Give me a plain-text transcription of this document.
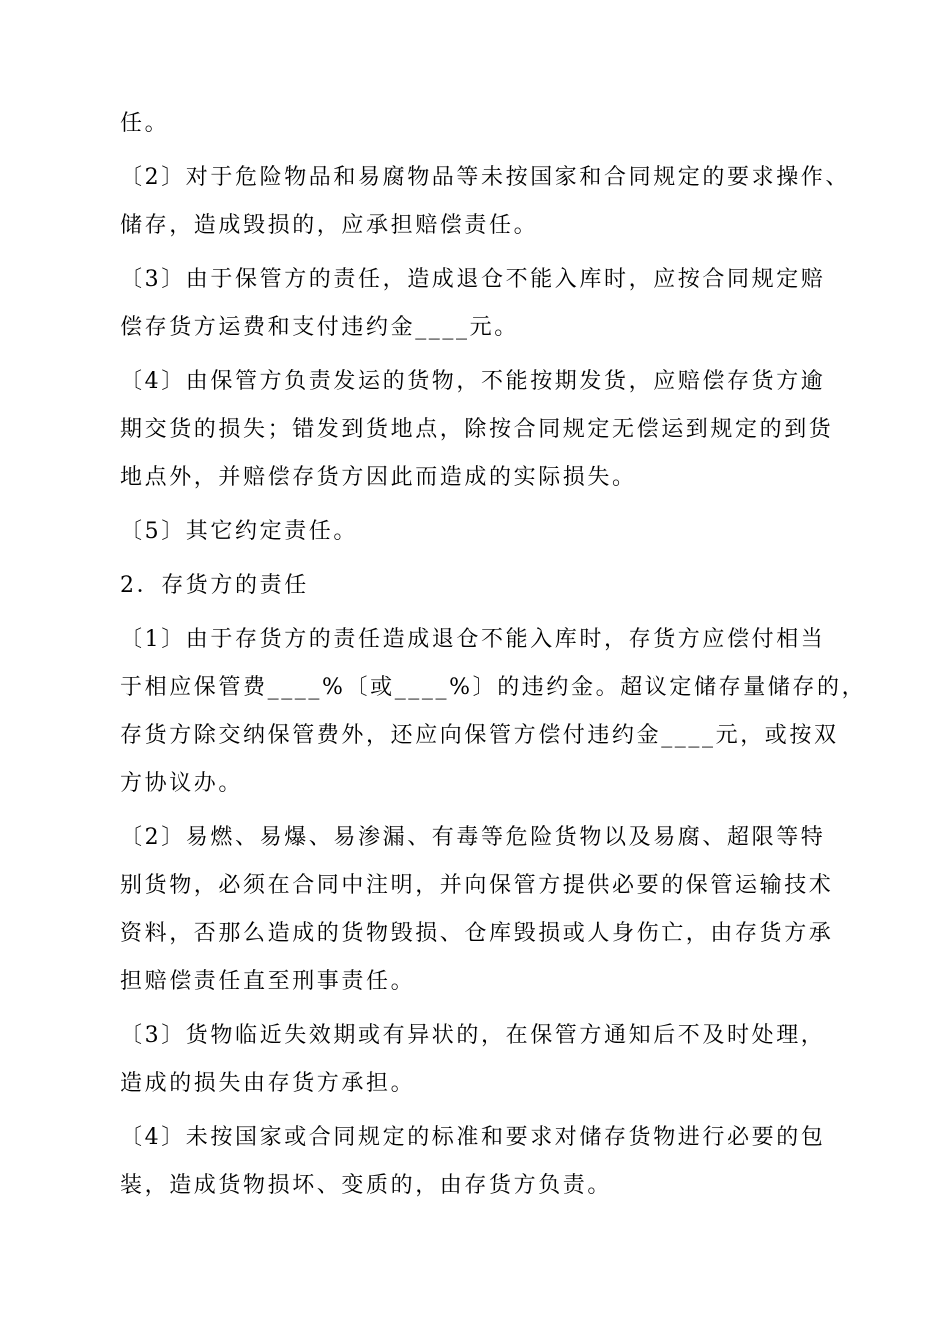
任。

〔2〕对于危险物品和易腐物品等未按国家和合同规定的要求操作、

储存，造成毁损的，应承担赔偿责任。

〔3〕由于保管方的责任，造成退仓不能入库时，应按合同规定赔

偿存货方运费和支付违约金____元。

〔4〕由保管方负责发运的货物，不能按期发货，应赔偿存货方逾

期交货的损失；错发到货地点，除按合同规定无偿运到规定的到货

地点外，并赔偿存货方因此而造成的实际损失。

〔5〕其它约定责任。

2．存货方的责任

〔1〕由于存货方的责任造成退仓不能入库时，存货方应偿付相当

于相应保管费____%〔或____%〕的违约金。超议定储存量储存的，

存货方除交纳保管费外，还应向保管方偿付违约金____元，或按双

方协议办。

〔2〕易燃、易爆、易渗漏、有毒等危险货物以及易腐、超限等特

别货物，必须在合同中注明，并向保管方提供必要的保管运输技术

资料，否那么造成的货物毁损、仓库毁损或人身伤亡，由存货方承

担赔偿责任直至刑事责任。

〔3〕货物临近失效期或有异状的，在保管方通知后不及时处理，

造成的损失由存货方承担。

〔4〕未按国家或合同规定的标准和要求对储存货物进行必要的包

装，造成货物损坏、变质的，由存货方负责。
